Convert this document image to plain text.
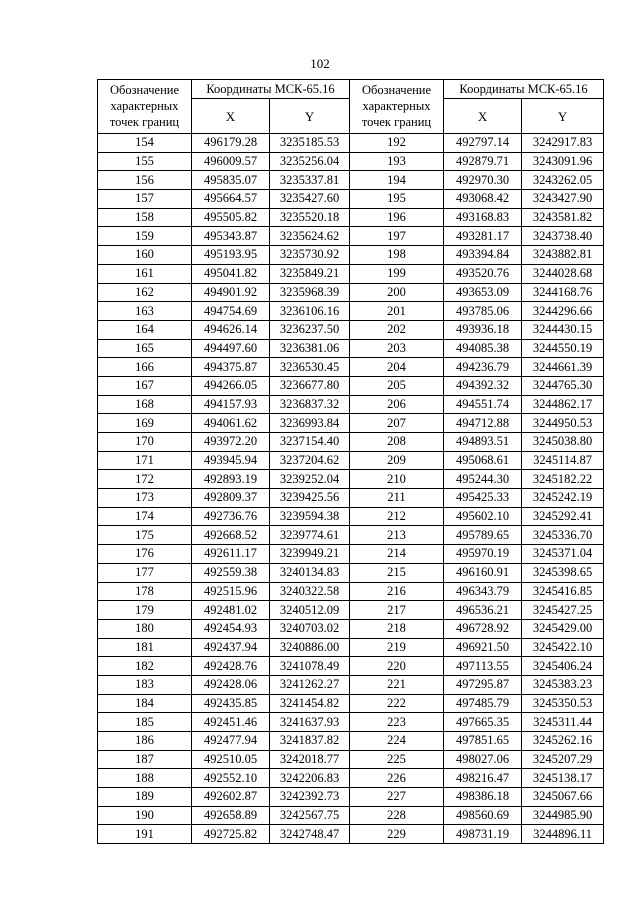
102
Обозначение характерных точек границ	Координаты МСК-65.16		Обозначение характерных точек границ	Координаты МСК-65.16	
	X	Y		X	Y
154	496179.28	3235185.53	192	492797.14	3242917.83
155	496009.57	3235256.04	193	492879.71	3243091.96
156	495835.07	3235337.81	194	492970.30	3243262.05
157	495664.57	3235427.60	195	493068.42	3243427.90
158	495505.82	3235520.18	196	493168.83	3243581.82
159	495343.87	3235624.62	197	493281.17	3243738.40
160	495193.95	3235730.92	198	493394.84	3243882.81
161	495041.82	3235849.21	199	493520.76	3244028.68
162	494901.92	3235968.39	200	493653.09	3244168.76
163	494754.69	3236106.16	201	493785.06	3244296.66
164	494626.14	3236237.50	202	493936.18	3244430.15
165	494497.60	3236381.06	203	494085.38	3244550.19
166	494375.87	3236530.45	204	494236.79	3244661.39
167	494266.05	3236677.80	205	494392.32	3244765.30
168	494157.93	3236837.32	206	494551.74	3244862.17
169	494061.62	3236993.84	207	494712.88	3244950.53
170	493972.20	3237154.40	208	494893.51	3245038.80
171	493945.94	3237204.62	209	495068.61	3245114.87
172	492893.19	3239252.04	210	495244.30	3245182.22
173	492809.37	3239425.56	211	495425.33	3245242.19
174	492736.76	3239594.38	212	495602.10	3245292.41
175	492668.52	3239774.61	213	495789.65	3245336.70
176	492611.17	3239949.21	214	495970.19	3245371.04
177	492559.38	3240134.83	215	496160.91	3245398.65
178	492515.96	3240322.58	216	496343.79	3245416.85
179	492481.02	3240512.09	217	496536.21	3245427.25
180	492454.93	3240703.02	218	496728.92	3245429.00
181	492437.94	3240886.00	219	496921.50	3245422.10
182	492428.76	3241078.49	220	497113.55	3245406.24
183	492428.06	3241262.27	221	497295.87	3245383.23
184	492435.85	3241454.82	222	497485.79	3245350.53
185	492451.46	3241637.93	223	497665.35	3245311.44
186	492477.94	3241837.82	224	497851.65	3245262.16
187	492510.05	3242018.77	225	498027.06	3245207.29
188	492552.10	3242206.83	226	498216.47	3245138.17
189	492602.87	3242392.73	227	498386.18	3245067.66
190	492658.89	3242567.75	228	498560.69	3244985.90
191	492725.82	3242748.47	229	498731.19	3244896.11
